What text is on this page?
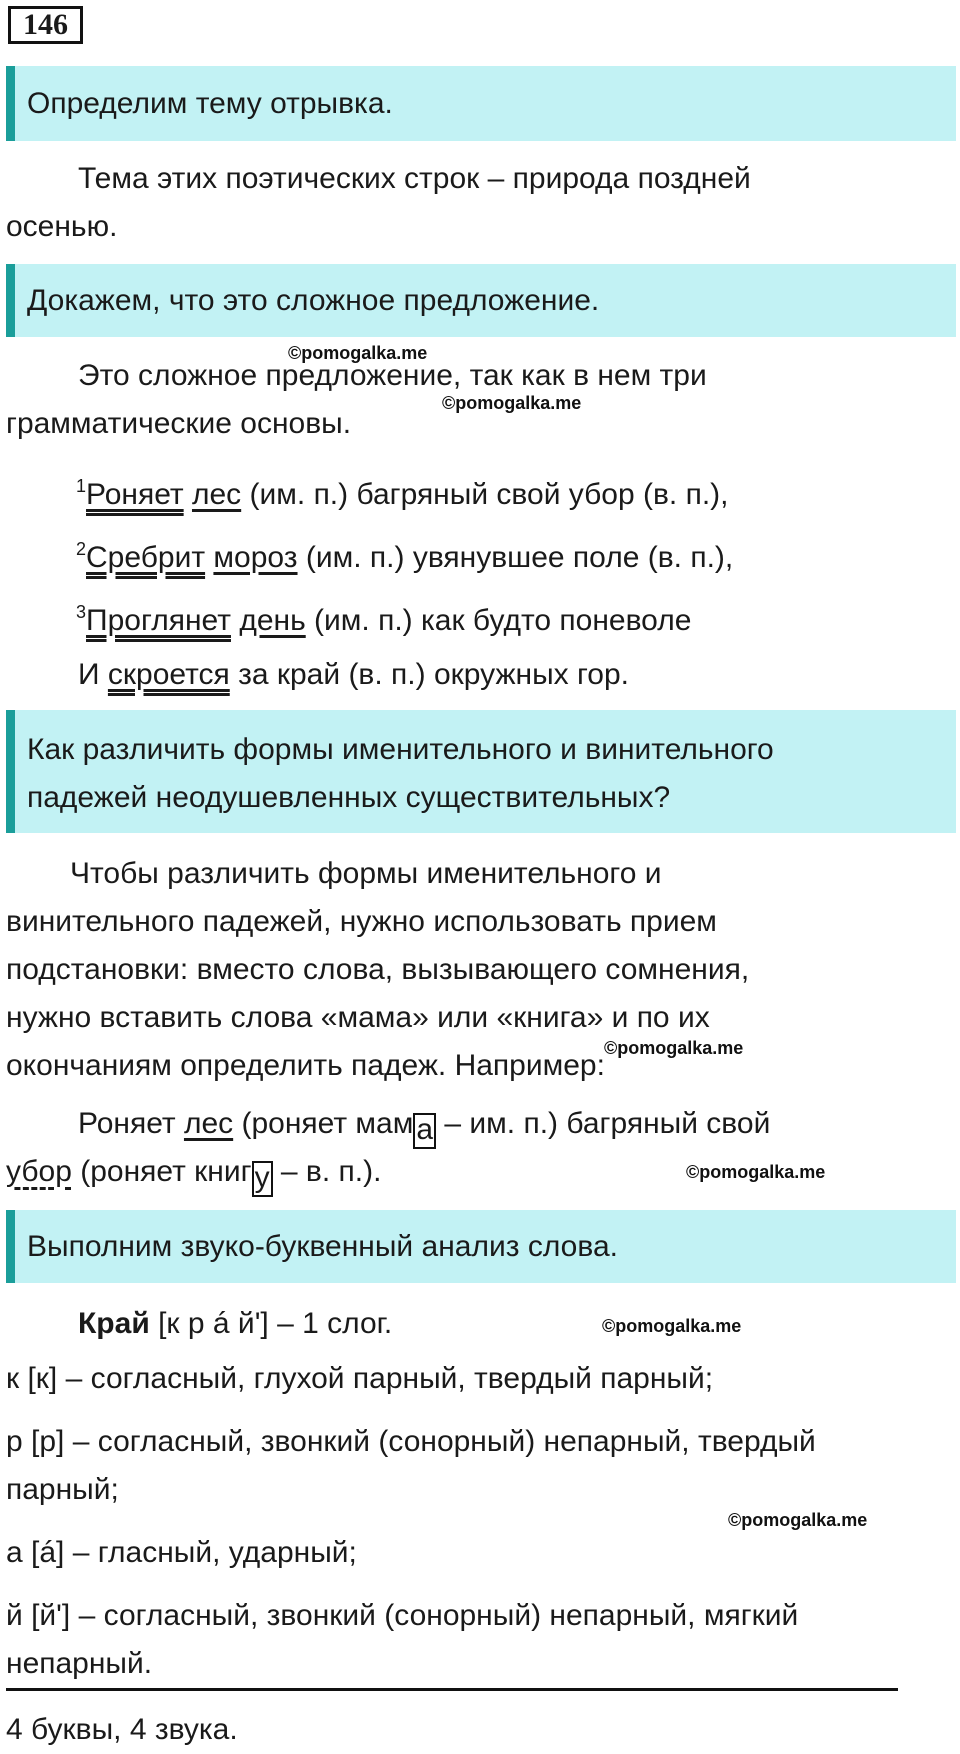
146
Определим тему отрывка.
Тема этих поэтических строк – природа поздней
осенью.
Докажем, что это сложное предложение.
©pomogalka.me
Это сложное предложение, так как в нем три
©pomogalka.me
грамматические основы.
$^1$Роняет лес (им. п.) багряный свой убор (в. п.),
$^2$Сребрит мороз (им. п.) увянувшее поле (в. п.),
$^3$Проглянет день (им. п.) как будто поневоле
И скроется за край (в. п.) окружных гор.
Как различить формы именительного и винительного
падежей неодушевленных существительных?
Чтобы различить формы именительного и
винительного падежей, нужно использовать прием
подстановки: вместо слова, вызывающего сомнения,
нужно вставить слова «мама» или «книга» и по их
окончаниям определить падеж. Например:
©pomogalka.me
Роняет лес (роняет мам а – им. п.) багряный свой
убор (роняет книг у – в. п.).	©pomogalka.me
Выполним звуко-буквенный анализ слова.
Край [к р á й'] – 1 слог.	©pomogalka.me
к [к] – согласный, глухой парный, твердый парный;
р [р] – согласный, звонкий (сонорный) непарный, твердый
парный;
©pomogalka.me
а [á] – гласный, ударный;
й [й'] – согласный, звонкий (сонорный) непарный, мягкий
непарный.
4 буквы, 4 звука.
